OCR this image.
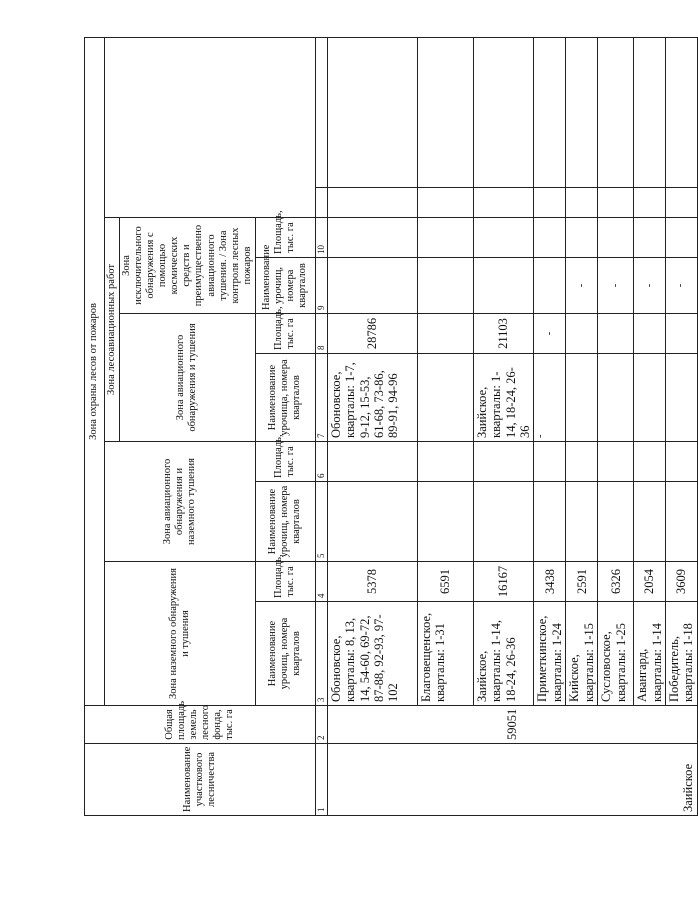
Наименование участкового лесничества	Общая площадь земель лесного фонда, тыс. га	Зона охраны лесов от пожаров									
		Зона наземного обнаружения и тушения		Зона авиационного обнаружения и наземного тушения		Зона лесоавиационных работ					
						Зона авиационного обнаружения и тушения		Зона исключительного обнаружения с помощью космических средств и преимущественно авиационного тушения. / Зона контроля лесных пожаров			
		Наименование урочищ, номера кварталов	Площадь, тыс. га	Наименование урочищ, номера кварталов	Площадь, тыс. га	Наименование урочища, номера кварталов	Площадь, тыс. га	Наименование урочищ, номера кварталов	Площадь, тыс. га		
1	2	3	4	5	6	7	8	9	10		
Заийское	59051	Обоновское, кварталы: 8, 13, 14, 54-60, 69-72, 87-88, 92-93, 97-102	5378			Обоновское, кварталы: 1-7, 9-12, 15-53, 61-68, 73-86, 89-91, 94-96	28786				
		Благовещенское, кварталы: 1-31	6591								
		Заийское, кварталы: 1-14, 18-24, 26-36	16167			Заийское, кварталы: 1-14, 18-24, 26-36	21103				
		Приметкинское, кварталы: 1-24	3438			-	-				
		Кийское, кварталы: 1-15	2591					-			
		Сусловоское, кварталы: 1-25	6326					-			
		Авангард, кварталы: 1-14	2054					-			
		Победитель, кварталы: 1-18	3609					-			
